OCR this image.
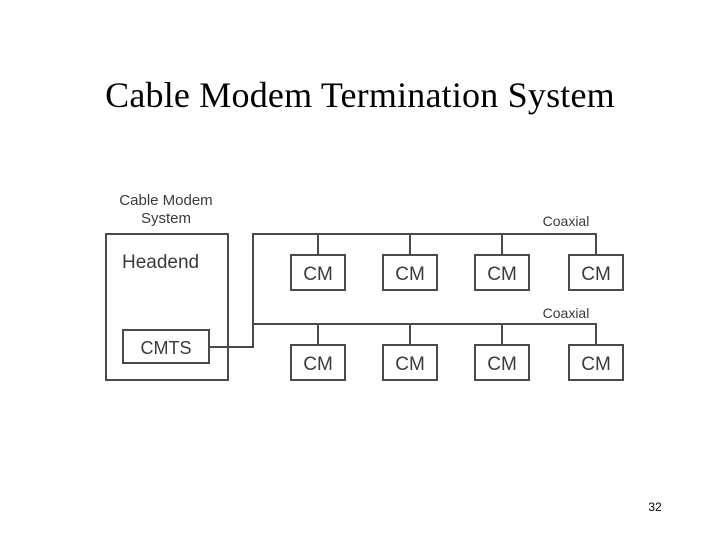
Cable Modem Termination System
Cable Modem
System
Headend
CMTS
Coaxial
Coaxial
CM	CM	CM	CM
CM	CM	CM	CM
32
